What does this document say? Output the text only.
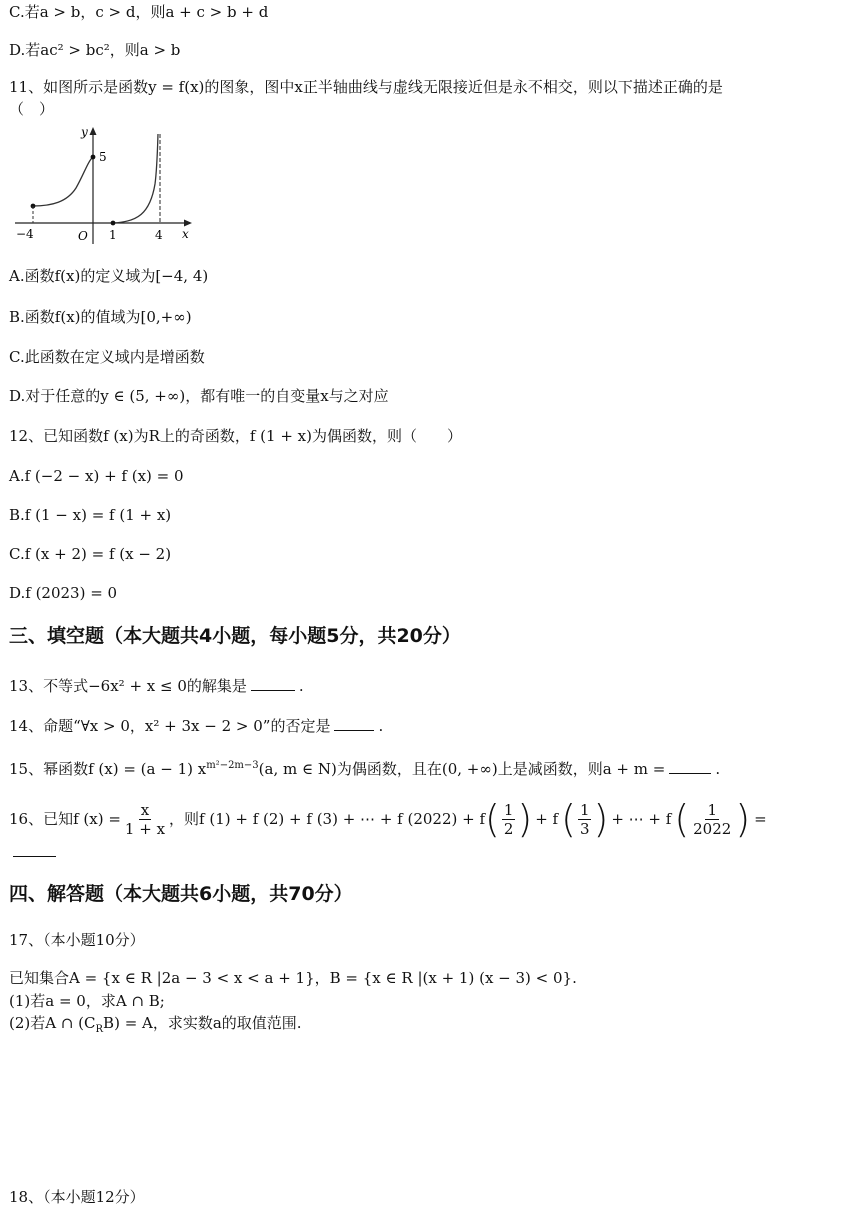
C.若a > b，c > d，则a + c > b + d
D.若ac² > bc²，则a > b
11、如图所示是函数y = f(x)的图象，图中x正半轴曲线与虚线无限接近但是永不相交，则以下描述正确的是
（　）
y
5
−4	O 1	4 x
A.函数f(x)的定义域为[−4, 4)
B.函数f(x)的值域为[0,+∞)
C.此函数在定义域内是增函数
D.对于任意的y ∈ (5, +∞)，都有唯一的自变量x与之对应
12、已知函数f (x)为R上的奇函数，f (1 + x)为偶函数，则（　　）
A.f (−2 − x) + f (x) = 0
B.f (1 − x) = f (1 + x)
C.f (x + 2) = f (x − 2)
D.f (2023) = 0
三、填空题（本大题共4小题，每小题5分，共20分）
13、不等式−6x² + x ≤ 0的解集是	.
14、命题“∀x > 0，x² + 3x − 2 > 0”的否定是	.
15、幂函数f (x) = (a − 1) $x^{m^2-2m-3}(a$, m ∈ N)为偶函数，且在(0, +∞)上是减函数，则a + m =	.
16、已知f $(x) = \frac{x}{1 + x}$ ，则f (1) + f (2) + f (3) + ⋯ + f (2022) + f ( $\frac{1}{2}$ ) + f ( $\frac{1}{3}$ ) + ⋯ + f ( $\frac{1}{2022}$ ) =
四、解答题（本大题共6小题，共70分）
17、（本小题10分）
已知集合A = {x ∈ R |2a − 3 < x < a + 1}，B = {x ∈ R |(x + 1) (x − 3) < 0}.
(1)若a = 0，求A ∩ B;
(2)若A ∩ $(C_RB) = A$，求实数a的取值范围.
18、（本小题12分）
